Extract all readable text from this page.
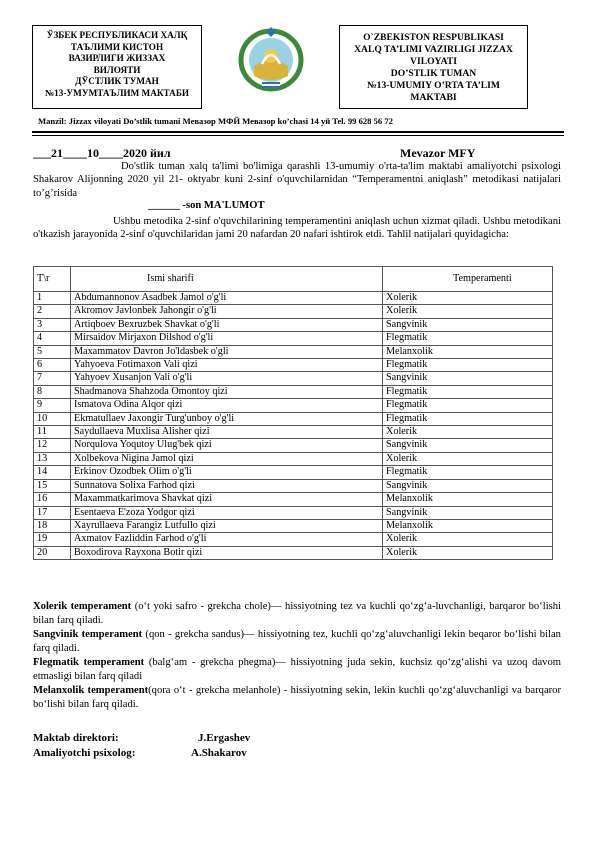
ЎЗБЕК РЕСПУБЛИКАСИ ХАЛҚ
ТАЪЛИМИ КИСТОН
ВАЗИРЛИГИ ЖИЗЗАХ
ВИЛОЯТИ
ДЎСТЛИК ТУМАН
№13-УМУМТАЪЛИМ МАКТАБИ
O`ZBEKISTON RESPUBLIKASI
XALQ TA’LIMI VAZIRLIGI JIZZAX
VILOYATI
DO’STLIK TUMAN
№13-UMUMIY O’RTA TA’LIM
MAKTABI
Manzil: Jizzax viloyati Do’stlik tumani Мевазор МФЙ Мевазор ko’chasi 14 уй Tel. 99 628 56 72
___21____10____2020 йил	Mevazor MFY
Do'stlik tuman xalq ta'limi bo'limiga qarashli 13-umumiy o'rta-ta'lim maktabi amaliyotchi psixologi Shakarov Alijonning 2020 yil 21- oktyabr kuni 2-sinf o'quvchilarnidan “Temperamentni aniqlash” metodikasi natijalari to’g’risida
______ -son MA'LUMOT
Ushbu metodika 2-sinf o'quvchilarining temperamentini aniqlash uchun xizmat qiladi. Ushbu metodikani o'tkazish jarayonida 2-sinf o'quvchilaridan jami 20 nafardan 20 nafari ishtirok etdi. Tahlil natijalari quyidagicha:
T\r	Ismi sharifi	Temperamenti
1	Abdumannonov Asadbek Jamol o'g'li	Xolerik
2	Akromov Javlonbek Jahongir o'g'li	Xolerik
3	Artiqboev Bexruzbek Shavkat o'g'li	Sangvinik
4	Mirsaidov Mirjaxon Dilshod o'g'li	Flegmatik
5	Maxammatov Davron Jo'ldasbek o'gli	Melanxolik
6	Yahyoeva Fotimaxon Vali qizi	Flegmatik
7	Yahyoev Xusanjon Vali o'g'li	Sangvinik
8	Shadmanova Shahzoda Omontoy qizi	Flegmatik
9	Ismatova Odina Alqor qizi	Flegmatik
10	Ekmatullaev Jaxongir Turg'unboy o'g'li	Flegmatik
11	Saydullaeva Muxlisa Alisher qizi	Xolerik
12	Norqulova Yoqutoy Ulug'bek qizi	Sangvinik
13	Xolbekova Nigina Jamol qizi	Xolerik
14	Erkinov Ozodbek Olim o'g'li	Flegmatik
15	Sunnatova Solixa Farhod qizi	Sangvinik
16	Maxammatkarimova Shavkat qizi	Melanxolik
17	Esentaeva E'zoza Yodgor qizi	Sangvinik
18	Xayrullaeva Farangiz Lutfullo qizi	Melanxolik
19	Axmatov Fazliddin Farhod o'g'li	Xolerik
20	Boxodirova Rayxona Botir qizi	Xolerik
Xolerik temperament (o‘t yoki safro - grekcha chole)— hissiyotning tez va kuchli qo‘zg‘a-luvchanligi, barqaror bo‘lishi bilan farq qiladi.
Sangvinik temperament (qon - grekcha sandus)— hissiyotning tez, kuchli qo‘zg‘aluvchanligi lekin beqaror bo‘lishi bilan farq qiladi.
Flegmatik temperament (balg‘am - grekcha phegma)— hissiyotning juda sekin, kuchsiz qo‘zg‘alishi va uzoq davom etmasligi bilan farq qiladi
Melanxolik temperament(qora o‘t - grekcha melanhole) - hissiyotning sekin, lekin kuchli qo‘zg‘aluvchanligi va barqaror bo‘lishi bilan farq qiladi.
Maktab direktori:	J.Ergashev
Amaliyotchi psixolog:	A.Shakarov
